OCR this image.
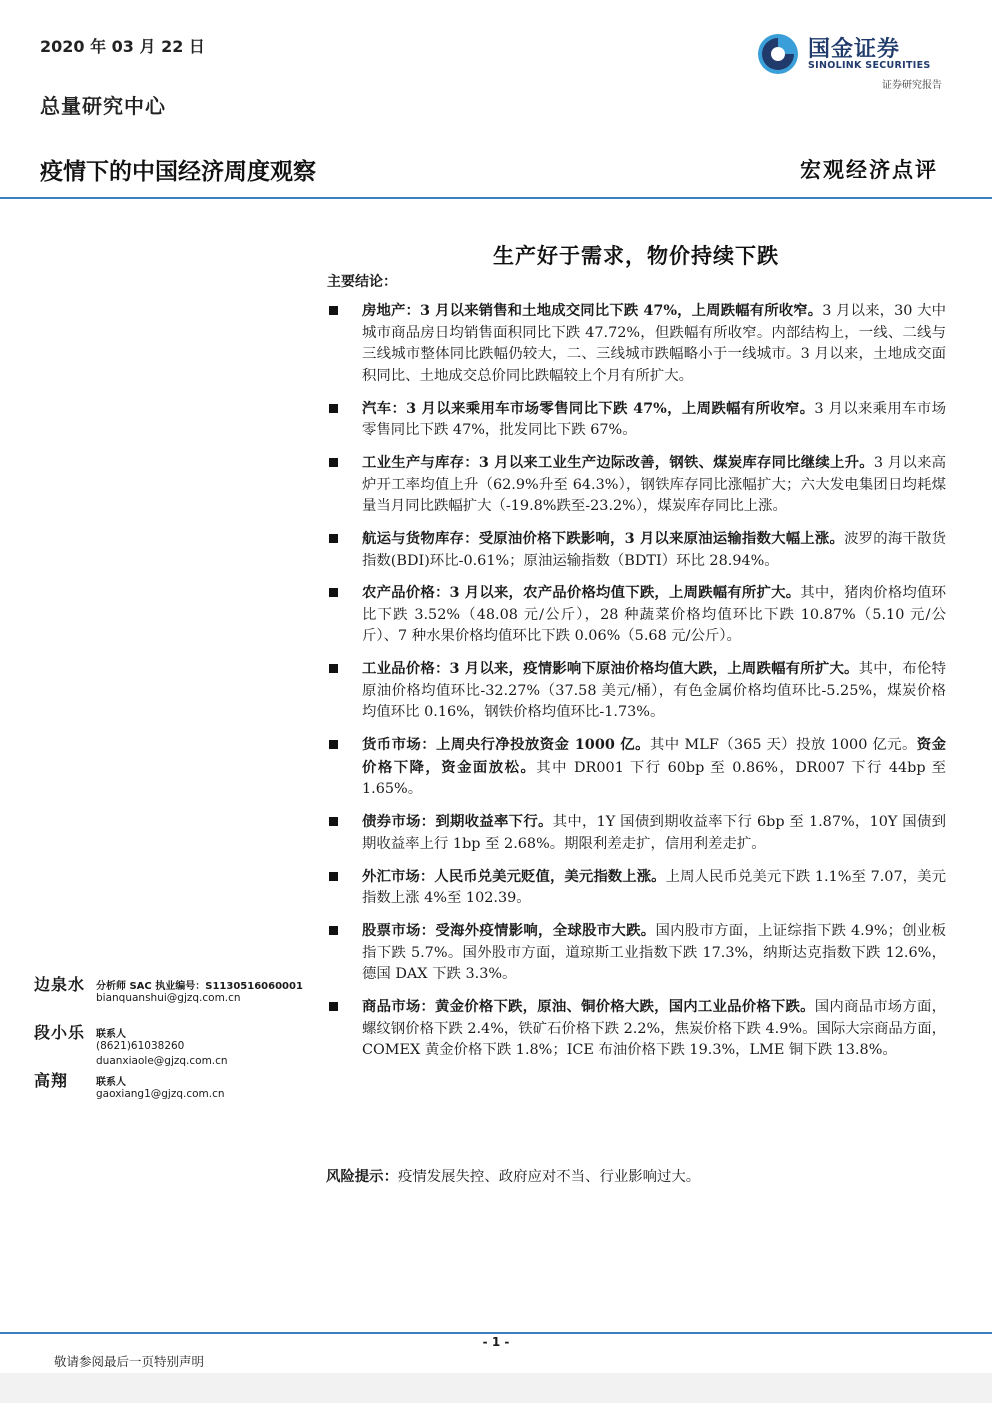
2020 年 03 月 22 日
总量研究中心
国金证券
SINOLINK SECURITIES
证券研究报告
疫情下的中国经济周度观察	宏观经济点评
生产好于需求，物价持续下跌
主要结论：
房地产：3 月以来销售和土地成交同比下跌 47%，上周跌幅有所收窄。3 月以来，30 大中城市商品房日均销售面积同比下跌 47.72%，但跌幅有所收窄。内部结构上，一线、二线与三线城市整体同比跌幅仍较大，二、三线城市跌幅略小于一线城市。3 月以来，土地成交面积同比、土地成交总价同比跌幅较上个月有所扩大。
汽车：3 月以来乘用车市场零售同比下跌 47%，上周跌幅有所收窄。3 月以来乘用车市场零售同比下跌 47%，批发同比下跌 67%。
工业生产与库存：3 月以来工业生产边际改善，钢铁、煤炭库存同比继续上升。3 月以来高炉开工率均值上升（62.9%升至 64.3%），钢铁库存同比涨幅扩大；六大发电集团日均耗煤量当月同比跌幅扩大（-19.8%跌至-23.2%），煤炭库存同比上涨。
航运与货物库存：受原油价格下跌影响，3 月以来原油运输指数大幅上涨。波罗的海干散货指数(BDI)环比-0.61%；原油运输指数（BDTI）环比 28.94%。
农产品价格：3 月以来，农产品价格均值下跌，上周跌幅有所扩大。其中，猪肉价格均值环比下跌 3.52%（48.08 元/公斤），28 种蔬菜价格均值环比下跌 10.87%（5.10 元/公斤）、7 种水果价格均值环比下跌 0.06%（5.68 元/公斤）。
工业品价格：3 月以来，疫情影响下原油价格均值大跌，上周跌幅有所扩大。其中，布伦特原油价格均值环比-32.27%（37.58 美元/桶），有色金属价格均值环比-5.25%，煤炭价格均值环比 0.16%，钢铁价格均值环比-1.73%。
货币市场：上周央行净投放资金 1000 亿。其中 MLF（365 天）投放 1000 亿元。资金价格下降，资金面放松。其中 DR001 下行 60bp 至 0.86%，DR007 下行 44bp 至 1.65%。
债券市场：到期收益率下行。其中，1Y 国债到期收益率下行 6bp 至 1.87%，10Y 国债到期收益率上行 1bp 至 2.68%。期限利差走扩，信用利差走扩。
外汇市场：人民币兑美元贬值，美元指数上涨。上周人民币兑美元下跌 1.1%至 7.07，美元指数上涨 4%至 102.39。
股票市场：受海外疫情影响，全球股市大跌。国内股市方面，上证综指下跌 4.9%；创业板指下跌 5.7%。国外股市方面，道琼斯工业指数下跌 17.3%，纳斯达克指数下跌 12.6%，德国 DAX 下跌 3.3%。
商品市场：黄金价格下跌，原油、铜价格大跌，国内工业品价格下跌。国内商品市场方面，螺纹钢价格下跌 2.4%，铁矿石价格下跌 2.2%，焦炭价格下跌 4.9%。国际大宗商品方面，COMEX 黄金价格下跌 1.8%；ICE 布油价格下跌 19.3%，LME 铜下跌 13.8%。
风险提示：疫情发展失控、政府应对不当、行业影响过大。
边泉水 分析师 SAC 执业编号：S1130516060001
bianquanshui@gjzq.com.cn
段小乐 联系人
(8621)61038260
duanxiaole@gjzq.com.cn
高翔	联系人
gaoxiang1@gjzq.com.cn
- 1 -
敬请参阅最后一页特别声明
